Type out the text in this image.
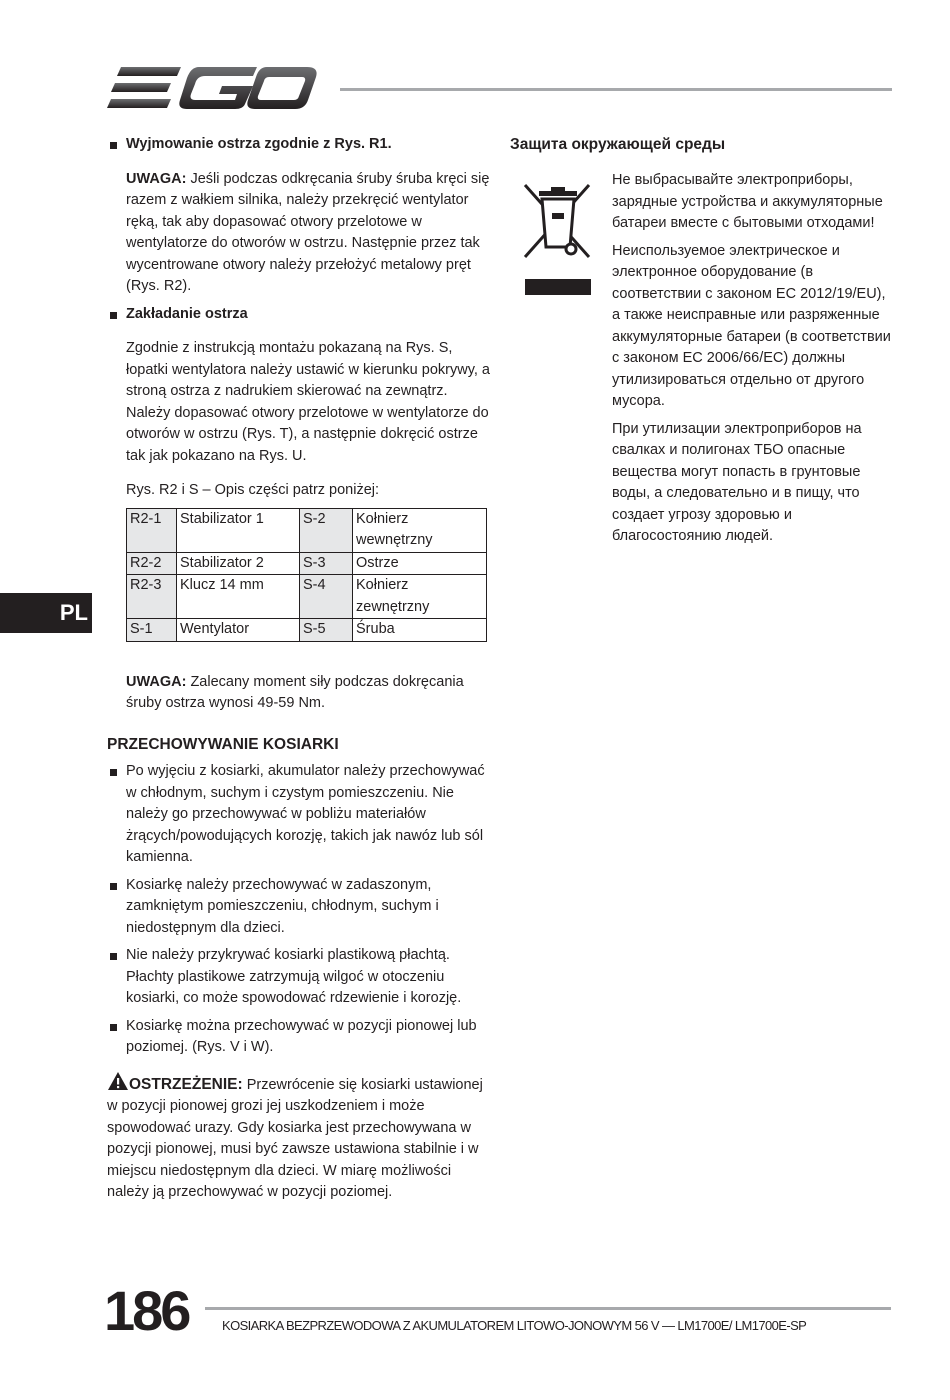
PL
Wyjmowanie ostrza zgodnie z Rys. R1.

UWAGA: Jeśli podczas odkręcania śruby śruba kręci się razem z wałkiem silnika, należy przekręcić wentylator ręką, tak aby dopasować otwory przelotowe w wentylatorze do otworów w ostrzu. Następnie przez tak wycentrowane otwory należy przełożyć metalowy pręt (Rys. R2).

Zakładanie ostrza

Zgodnie z instrukcją montażu pokazaną na Rys. S, łopatki wentylatora należy ustawić w kierunku pokrywy, a stroną ostrza z nadrukiem skierować na zewnątrz. Należy dopasować otwory przelotowe w wentylatorze do otworów w ostrzu (Rys. T), a następnie dokręcić ostrze tak jak pokazano na Rys. U.

Rys. R2 i S – Opis części patrz poniżej:

R2-1	Stabilizator 1	S-2	Kołnierz wewnętrzny
R2-2	Stabilizator 2	S-3	Ostrze
R2-3	Klucz 14 mm	S-4	Kołnierz zewnętrzny
S-1	Wentylator	S-5	Śruba

UWAGA: Zalecany moment siły podczas dokręcania śruby ostrza wynosi 49-59 Nm.

PRZECHOWYWANIE KOSIARKI
Po wyjęciu z kosiarki, akumulator należy przechowywać w chłodnym, suchym i czystym pomieszczeniu. Nie należy go przechowywać w pobliżu materiałów żrących/powodujących korozję, takich jak nawóz lub sól kamienna.
Kosiarkę należy przechowywać w zadaszonym, zamkniętym pomieszczeniu, chłodnym, suchym i niedostępnym dla dzieci.
Nie należy przykrywać kosiarki plastikową płachtą. Płachty plastikowe zatrzymują wilgoć w otoczeniu kosiarki, co może spowodować rdzewienie i korozję.
Kosiarkę można przechowywać w pozycji pionowej lub poziomej. (Rys. V i W).

OSTRZEŻENIE: Przewrócenie się kosiarki ustawionej w pozycji pionowej grozi jej uszkodzeniem i może spowodować urazy. Gdy kosiarka jest przechowywana w pozycji pionowej, musi być zawsze ustawiona stabilnie i w miejscu niedostępnym dla dzieci. W miarę możliwości należy ją przechowywać w pozycji poziomej.

Защита окружающей среды

Не выбрасывайте электроприборы, зарядные устройства и аккумуляторные батареи вместе с бытовыми отходами!

Неиспользуемое электрическое и электронное оборудование (в соответствии с законом ЕС 2012/19/EU), а также неисправные или разряженные аккумуляторные батареи (в соответствии с законом ЕС 2006/66/EC) должны утилизироваться отдельно от другого мусора.

При утилизации электроприборов на свалках и полигонах ТБО опасные вещества могут попасть в грунтовые воды, а следовательно и в пищу, что создает угрозу здоровью и благосостоянию людей.

186	KOSIARKA BEZPRZEWODOWA Z AKUMULATOREM LITOWO-JONOWYM 56 V — LM1700E/ LM1700E-SP
